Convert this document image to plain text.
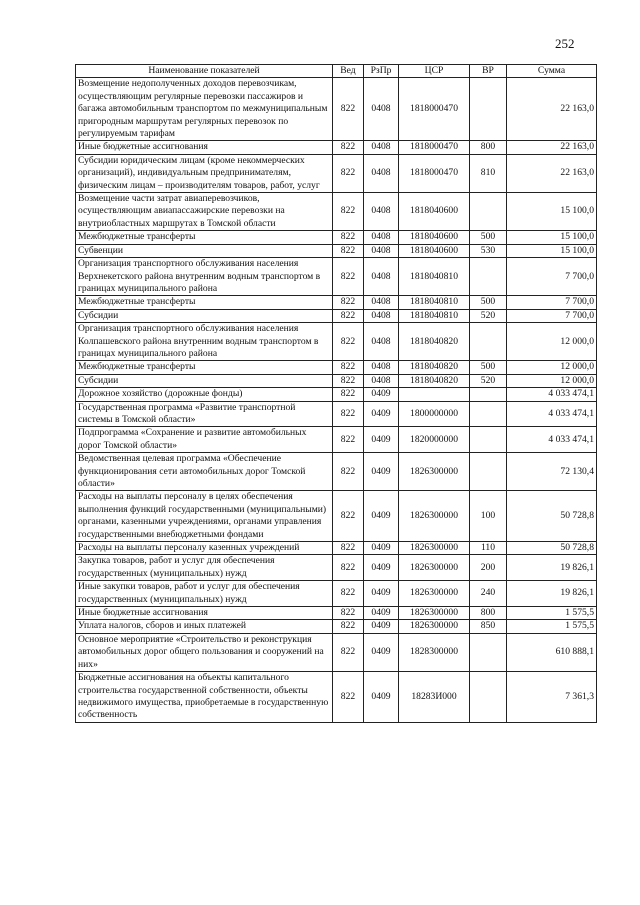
252
Наименование показателей	Вед	РзПр	ЦСР	ВР	Сумма
Возмещение недополученных доходов перевозчикам, осуществляющим регулярные перевозки пассажиров и багажа автомобильным транспортом по межмуниципальным пригородным маршрутам регулярных перевозок по регулируемым тарифам	822	0408	1818000470		22 163,0
Иные бюджетные ассигнования	822	0408	1818000470	800	22 163,0
Субсидии юридическим лицам (кроме некоммерческих организаций), индивидуальным предпринимателям, физическим лицам – производителям товаров, работ, услуг	822	0408	1818000470	810	22 163,0
Возмещение части затрат авиаперевозчиков, осуществляющим авиапассажирские перевозки на внутриобластных маршрутах в Томской области	822	0408	1818040600		15 100,0
Межбюджетные трансферты	822	0408	1818040600	500	15 100,0
Субвенции	822	0408	1818040600	530	15 100,0
Организация транспортного обслуживания населения Верхнекетского района внутренним водным транспортом в границах муниципального района	822	0408	1818040810		7 700,0
Межбюджетные трансферты	822	0408	1818040810	500	7 700,0
Субсидии	822	0408	1818040810	520	7 700,0
Организация транспортного обслуживания населения Колпашевского района внутренним водным транспортом в границах муниципального района	822	0408	1818040820		12 000,0
Межбюджетные трансферты	822	0408	1818040820	500	12 000,0
Субсидии	822	0408	1818040820	520	12 000,0
Дорожное хозяйство (дорожные фонды)	822	0409			4 033 474,1
Государственная программа «Развитие транспортной системы в Томской области»	822	0409	1800000000		4 033 474,1
Подпрограмма «Сохранение и развитие автомобильных дорог Томской области»	822	0409	1820000000		4 033 474,1
Ведомственная целевая программа «Обеспечение функционирования сети автомобильных дорог Томской области»	822	0409	1826300000		72 130,4
Расходы на выплаты персоналу в целях обеспечения выполнения функций государственными (муниципальными) органами, казенными учреждениями, органами управления государственными внебюджетными фондами	822	0409	1826300000	100	50 728,8
Расходы на выплаты персоналу казенных учреждений	822	0409	1826300000	110	50 728,8
Закупка товаров, работ и услуг для обеспечения государственных (муниципальных) нужд	822	0409	1826300000	200	19 826,1
Иные закупки товаров, работ и услуг для обеспечения государственных (муниципальных) нужд	822	0409	1826300000	240	19 826,1
Иные бюджетные ассигнования	822	0409	1826300000	800	1 575,5
Уплата налогов, сборов и иных платежей	822	0409	1826300000	850	1 575,5
Основное мероприятие «Строительство и реконструкция автомобильных дорог общего пользования и сооружений на них»	822	0409	1828300000		610 888,1
Бюджетные ассигнования на объекты капитального строительства государственной собственности, объекты недвижимого имущества, приобретаемые в государственную собственность	822	0409	18283И000		7 361,3
